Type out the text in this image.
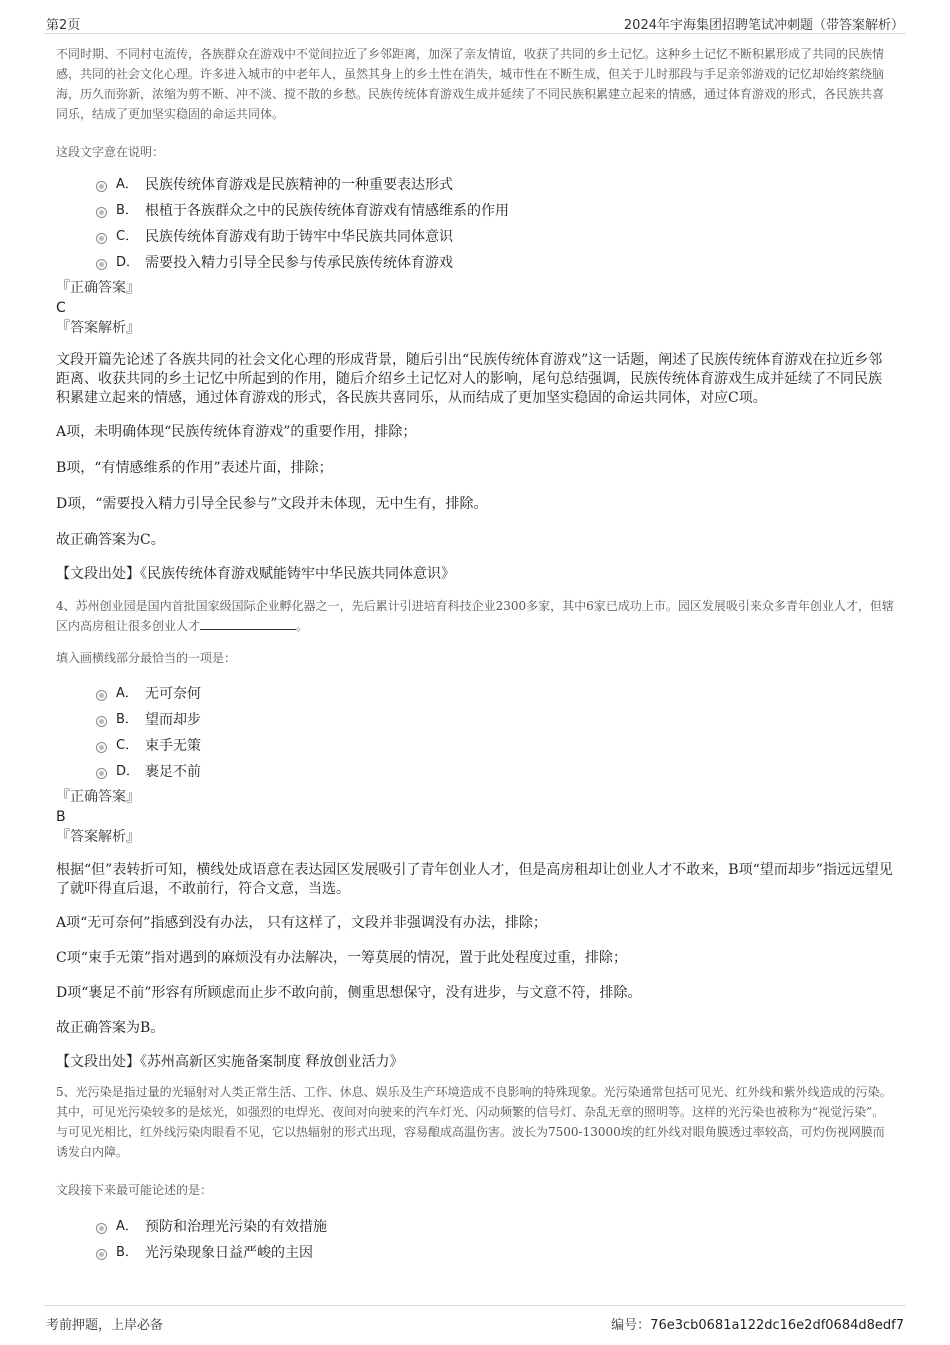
第2页	2024年宇海集团招聘笔试冲刺题（带答案解析）

不同时期、不同村屯流传，各族群众在游戏中不觉间拉近了乡邻距离，加深了亲友情谊，收获了共同的乡土记忆。这种乡土记忆不断积累形成了共同的民族情感，共同的社会文化心理。许多进入城市的中老年人，虽然其身上的乡土性在消失，城市性在不断生成，但关于儿时那段与手足亲邻游戏的记忆却始终萦绕脑海，历久而弥新，浓缩为剪不断、冲不淡、搅不散的乡愁。民族传统体育游戏生成并延续了不同民族积累建立起来的情感，通过体育游戏的形式，各民族共喜同乐，结成了更加坚实稳固的命运共同体。

这段文字意在说明：

A． 民族传统体育游戏是民族精神的一种重要表达形式
B． 根植于各族群众之中的民族传统体育游戏有情感维系的作用
C． 民族传统体育游戏有助于铸牢中华民族共同体意识
D． 需要投入精力引导全民参与传承民族传统体育游戏

『正确答案』

C

『答案解析』

文段开篇先论述了各族共同的社会文化心理的形成背景，随后引出“民族传统体育游戏”这一话题，阐述了民族传统体育游戏在拉近乡邻距离、收获共同的乡土记忆中所起到的作用，随后介绍乡土记忆对人的影响，尾句总结强调，民族传统体育游戏生成并延续了不同民族积累建立起来的情感，通过体育游戏的形式，各民族共喜同乐，从而结成了更加坚实稳固的命运共同体，对应C项。

A项，未明确体现“民族传统体育游戏”的重要作用，排除；

B项，“有情感维系的作用”表述片面，排除；

D项，“需要投入精力引导全民参与”文段并未体现，无中生有，排除。

故正确答案为C。

【文段出处】《民族传统体育游戏赋能铸牢中华民族共同体意识》

4、苏州创业园是国内首批国家级国际企业孵化器之一，先后累计引进培育科技企业2300多家，其中6家已成功上市。园区发展吸引来众多青年创业人才，但辖区内高房租让很多创业人才	。

填入画横线部分最恰当的一项是：

A． 无可奈何
B． 望而却步
C． 束手无策
D． 裹足不前

『正确答案』

B

『答案解析』

根据“但”表转折可知，横线处成语意在表达园区发展吸引了青年创业人才，但是高房租却让创业人才不敢来，B项“望而却步”指远远望见了就吓得直后退，不敢前行，符合文意，当选。

A项“无可奈何”指感到没有办法， 只有这样了，文段并非强调没有办法，排除；

C项“束手无策”指对遇到的麻烦没有办法解决，一筹莫展的情况，置于此处程度过重，排除；

D项“裹足不前”形容有所顾虑而止步不敢向前，侧重思想保守，没有进步，与文意不符，排除。

故正确答案为B。

【文段出处】《苏州高新区实施备案制度 释放创业活力》

5、光污染是指过量的光辐射对人类正常生活、工作、休息、娱乐及生产环境造成不良影响的特殊现象。光污染通常包括可见光、红外线和紫外线造成的污染。其中，可见光污染较多的是炫光，如强烈的电焊光、夜间对向驶来的汽车灯光、闪动频繁的信号灯、杂乱无章的照明等。这样的光污染也被称为“视觉污染”。与可见光相比，红外线污染肉眼看不见，它以热辐射的形式出现，容易酿成高温伤害。波长为7500-13000埃的红外线对眼角膜透过率较高，可灼伤视网膜而诱发白内障。

文段接下来最可能论述的是：

A． 预防和治理光污染的有效措施
B． 光污染现象日益严峻的主因
考前押题，上岸必备	编号：76e3cb0681a122dc16e2df0684d8edf7
